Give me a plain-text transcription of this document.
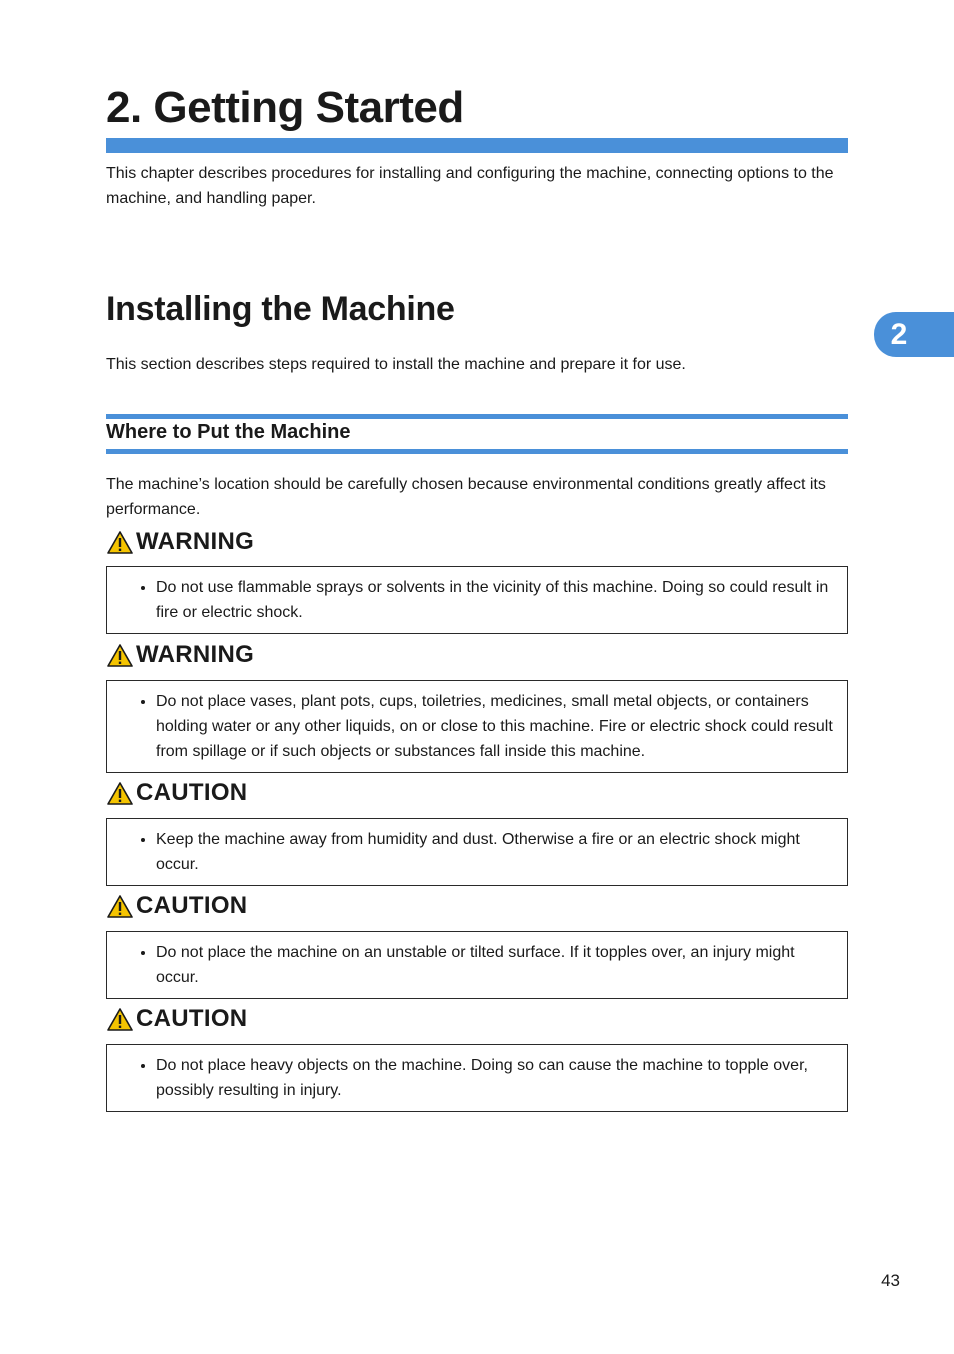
2. Getting Started

This chapter describes procedures for installing and configuring the machine, connecting options to the machine, and handling paper.

Installing the Machine

This section describes steps required to install the machine and prepare it for use.

Where to Put the Machine

The machine’s location should be carefully chosen because environmental conditions greatly affect its performance.

WARNING
• Do not use flammable sprays or solvents in the vicinity of this machine. Doing so could result in fire or electric shock.
WARNING
• Do not place vases, plant pots, cups, toiletries, medicines, small metal objects, or containers holding water or any other liquids, on or close to this machine. Fire or electric shock could result from spillage or if such objects or substances fall inside this machine.
CAUTION
• Keep the machine away from humidity and dust. Otherwise a fire or an electric shock might occur.
CAUTION
• Do not place the machine on an unstable or tilted surface. If it topples over, an injury might occur.
CAUTION
• Do not place heavy objects on the machine. Doing so can cause the machine to topple over, possibly resulting in injury.
2
43
